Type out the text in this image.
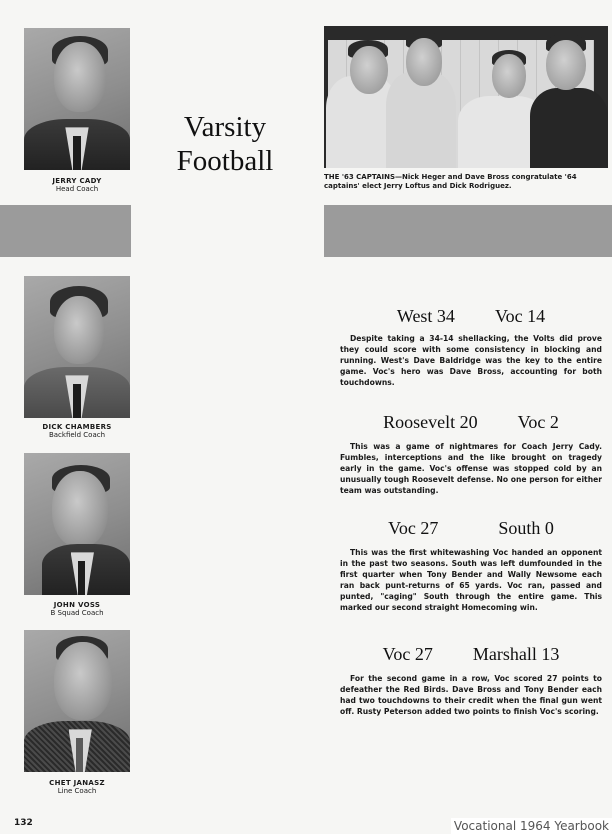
JERRY CADY
Head Coach
Varsity
Football	THE '63 CAPTAINS—Nick Heger and Dave Bross congratulate '64 captains' elect Jerry Loftus and Dick Rodriguez.
DICK CHAMBERS
Backfield Coach
JOHN VOSS
B Squad Coach
CHET JANASZ
Line Coach
132
West 34 Voc 14

Despite taking a 34-14 shellacking, the Volts did prove they could score with some consistency in blocking and running. West's Dave Baldridge was the key to the entire game. Voc's hero was Dave Bross, accounting for both touchdowns.

Roosevelt 20 Voc 2

This was a game of nightmares for Coach Jerry Cady. Fumbles, interceptions and the like brought on tragedy early in the game. Voc's offense was stopped cold by an unusually tough Roosevelt defense. No one person for either team was outstanding.

Voc 27	South 0

This was the first whitewashing Voc handed an opponent in the past two seasons. South was left dumfounded in the first quarter when Tony Bender and Wally Newsome each ran back punt-returns of 65 yards. Voc ran, passed and punted, "caging" South through the entire game. This marked our second straight Homecoming win.

Voc 27 Marshall 13

For the second game in a row, Voc scored 27 points to defeather the Red Birds. Dave Bross and Tony Bender each had two touchdowns to their credit when the final gun went off. Rusty Peterson added two points to finish Voc's scoring.

Vocational 1964 Yearbook
